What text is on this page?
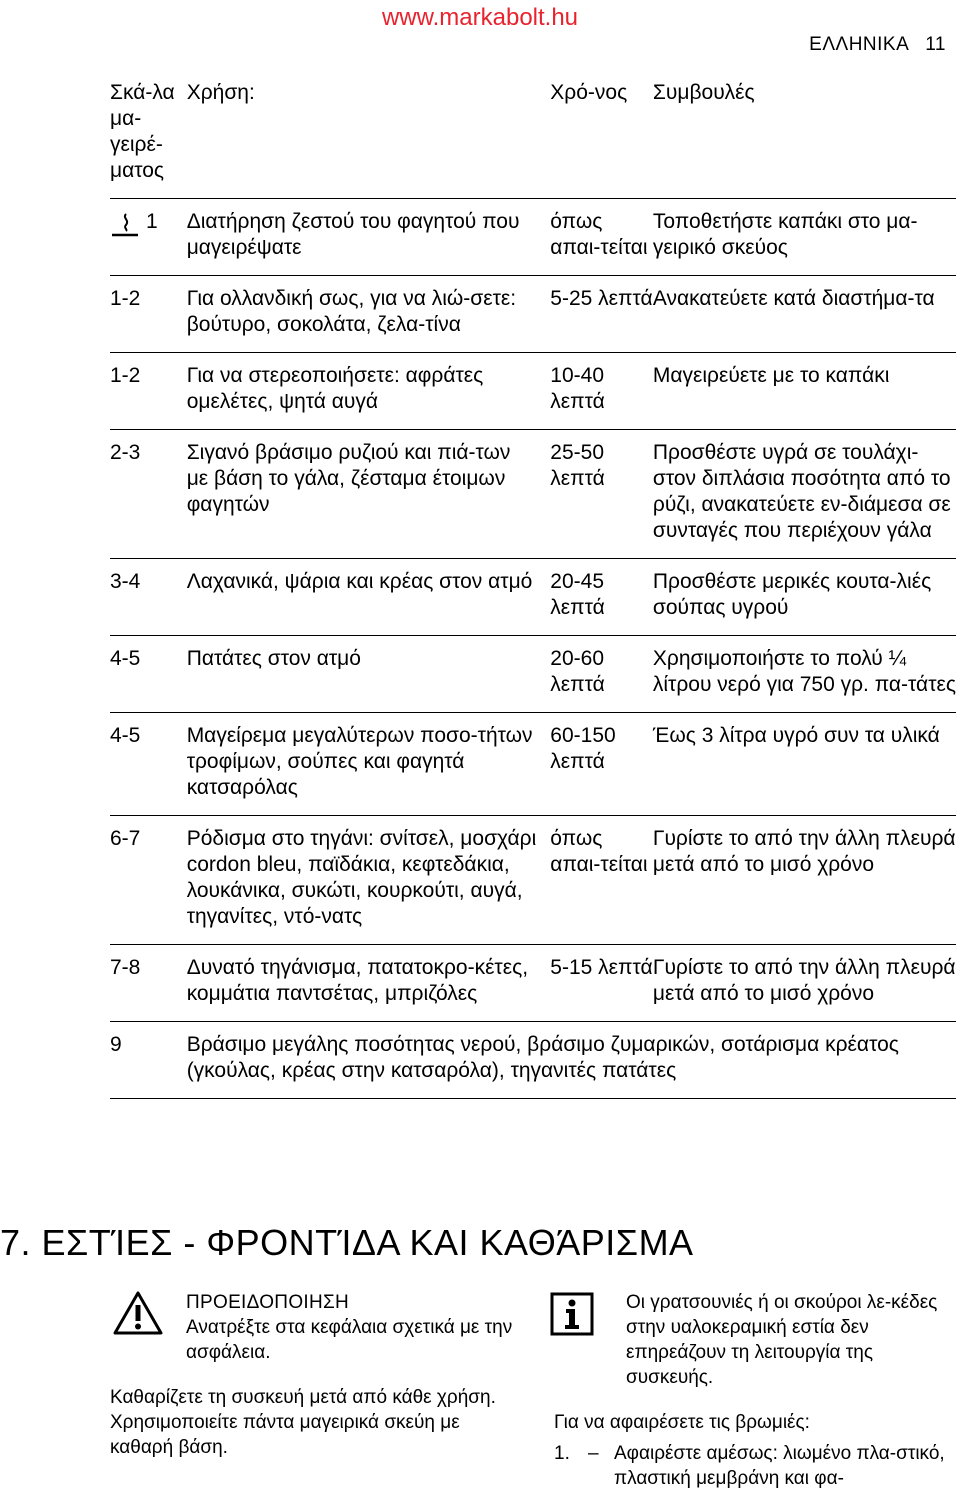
www.markabolt.hu
ΕΛΛΗΝΙΚΑ 11
Σκά-λα μα-γειρέ-ματος	Χρήση:	Χρό-νος	Συμβουλές
1	Διατήρηση ζεστού του φαγητού που μαγειρέψατε	όπως απαι-τείται	Τοποθετήστε καπάκι στο μα-γειρικό σκεύος
1-2	Για ολλανδική σως, για να λιώ-σετε: βούτυρο, σοκολάτα, ζελα-τίνα	5-25 λεπτά	Ανακατεύετε κατά διαστήμα-τα
1-2	Για να στερεοποιήσετε: αφράτες ομελέτες, ψητά αυγά	10-40 λεπτά	Μαγειρεύετε με το καπάκι
2-3	Σιγανό βράσιμο ρυζιού και πιά-των με βάση το γάλα, ζέσταμα έτοιμων φαγητών	25-50 λεπτά	Προσθέστε υγρά σε τουλάχι-στον διπλάσια ποσότητα από το ρύζι, ανακατεύετε εν-διάμεσα σε συνταγές που περιέχουν γάλα
3-4	Λαχανικά, ψάρια και κρέας στον ατμό	20-45 λεπτά	Προσθέστε μερικές κουτα-λιές σούπας υγρού
4-5	Πατάτες στον ατμό	20-60 λεπτά	Χρησιμοποιήστε το πολύ ¼ λίτρου νερό για 750 γρ. πα-τάτες
4-5	Μαγείρεμα μεγαλύτερων ποσο-τήτων τροφίμων, σούπες και φαγητά κατσαρόλας	60-150 λεπτά	Έως 3 λίτρα υγρό συν τα υλικά
6-7	Ρόδισμα στο τηγάνι: σνίτσελ, μοσχάρι cordon bleu, παϊδάκια, κεφτεδάκια, λουκάνικα, συκώτι, κουρκούτι, αυγά, τηγανίτες, ντό-νατς	όπως απαι-τείται	Γυρίστε το από την άλλη πλευρά μετά από το μισό χρόνο
7-8	Δυνατό τηγάνισμα, πατατοκρο-κέτες, κομμάτια παντσέτας, μπριζόλες	5-15 λεπτά	Γυρίστε το από την άλλη πλευρά μετά από το μισό χρόνο
9	Βράσιμο μεγάλης ποσότητας νερού, βράσιμο ζυμαρικών, σοτάρισμα κρέατος (γκούλας, κρέας στην κατσαρόλα), τηγανιτές πατάτες		
7. ΕΣΤΊΕΣ - ΦΡΟΝΤΊΔΑ ΚΑΙ ΚΑΘΆΡΙΣΜΑ
ΠΡΟΕΙΔΟΠΟΙΗΣΗ
Ανατρέξτε στα κεφάλαια σχετικά με την ασφάλεια.
Καθαρίζετε τη συσκευή μετά από κάθε χρήση.
Χρησιμοποιείτε πάντα μαγειρικά σκεύη με καθαρή βάση.

Οι γρατσουνιές ή οι σκούροι λε-κέδες στην υαλοκεραμική εστία δεν επηρεάζουν τη λειτουργία της συσκευής.

Για να αφαιρέσετε τις βρωμιές:
1. – Αφαιρέστε αμέσως: λιωμένο πλα-στικό, πλαστική μεμβράνη και φα-
